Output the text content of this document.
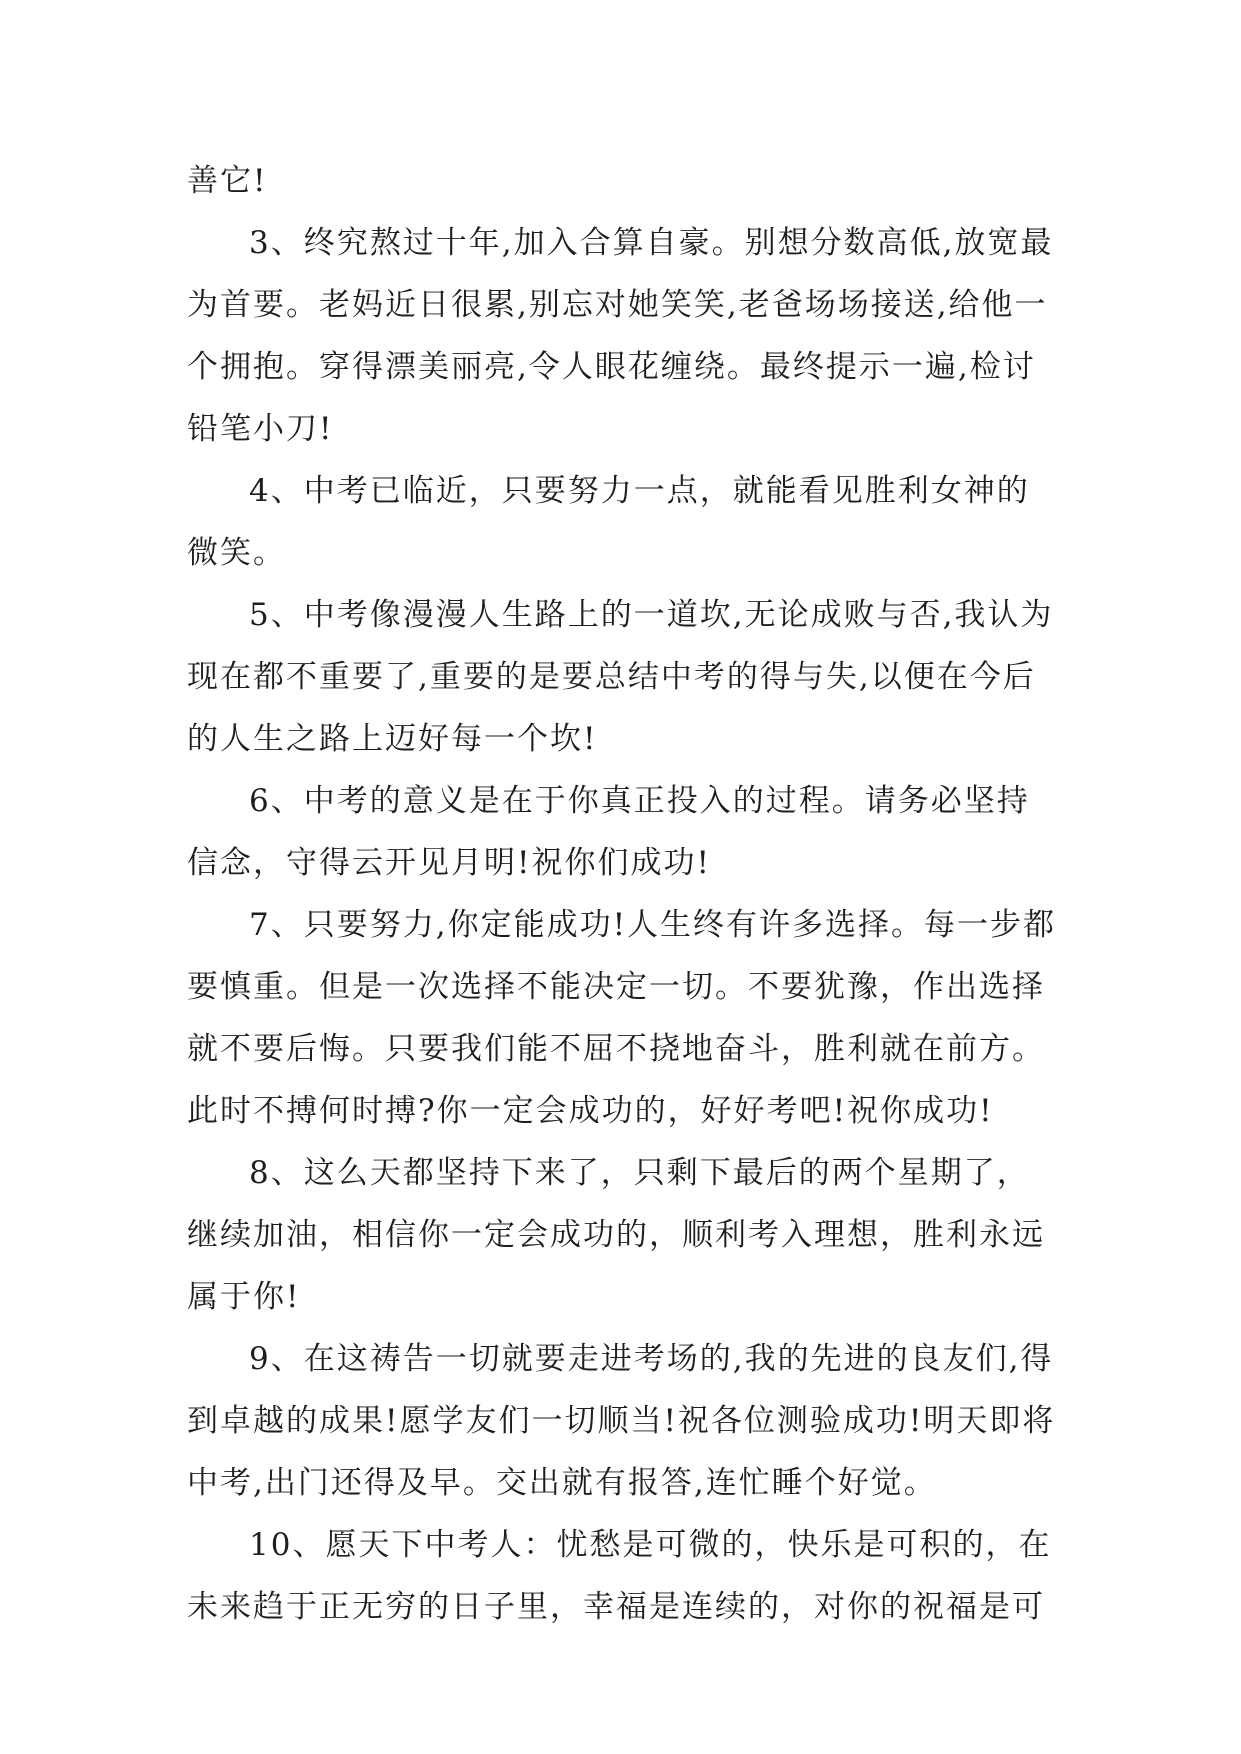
善它!

3、终究熬过十年,加入合算自豪。别想分数高低,放宽最为首要。老妈近日很累,别忘对她笑笑,老爸场场接送,给他一个拥抱。穿得漂美丽亮,令人眼花缠绕。最终提示一遍,检讨铅笔小刀!

4、中考已临近，只要努力一点，就能看见胜利女神的微笑。

5、中考像漫漫人生路上的一道坎,无论成败与否,我认为现在都不重要了,重要的是要总结中考的得与失,以便在今后的人生之路上迈好每一个坎!

6、中考的意义是在于你真正投入的过程。请务必坚持信念，守得云开见月明!祝你们成功!

7、只要努力,你定能成功!人生终有许多选择。每一步都要慎重。但是一次选择不能决定一切。不要犹豫，作出选择就不要后悔。只要我们能不屈不挠地奋斗，胜利就在前方。此时不搏何时搏?你一定会成功的，好好考吧!祝你成功!

8、这么天都坚持下来了，只剩下最后的两个星期了，继续加油，相信你一定会成功的，顺利考入理想，胜利永远属于你!

9、在这祷告一切就要走进考场的,我的先进的良友们,得到卓越的成果!愿学友们一切顺当!祝各位测验成功!明天即将中考,出门还得及早。交出就有报答,连忙睡个好觉。

10、愿天下中考人：忧愁是可微的，快乐是可积的，在未来趋于正无穷的日子里，幸福是连续的，对你的祝福是可
